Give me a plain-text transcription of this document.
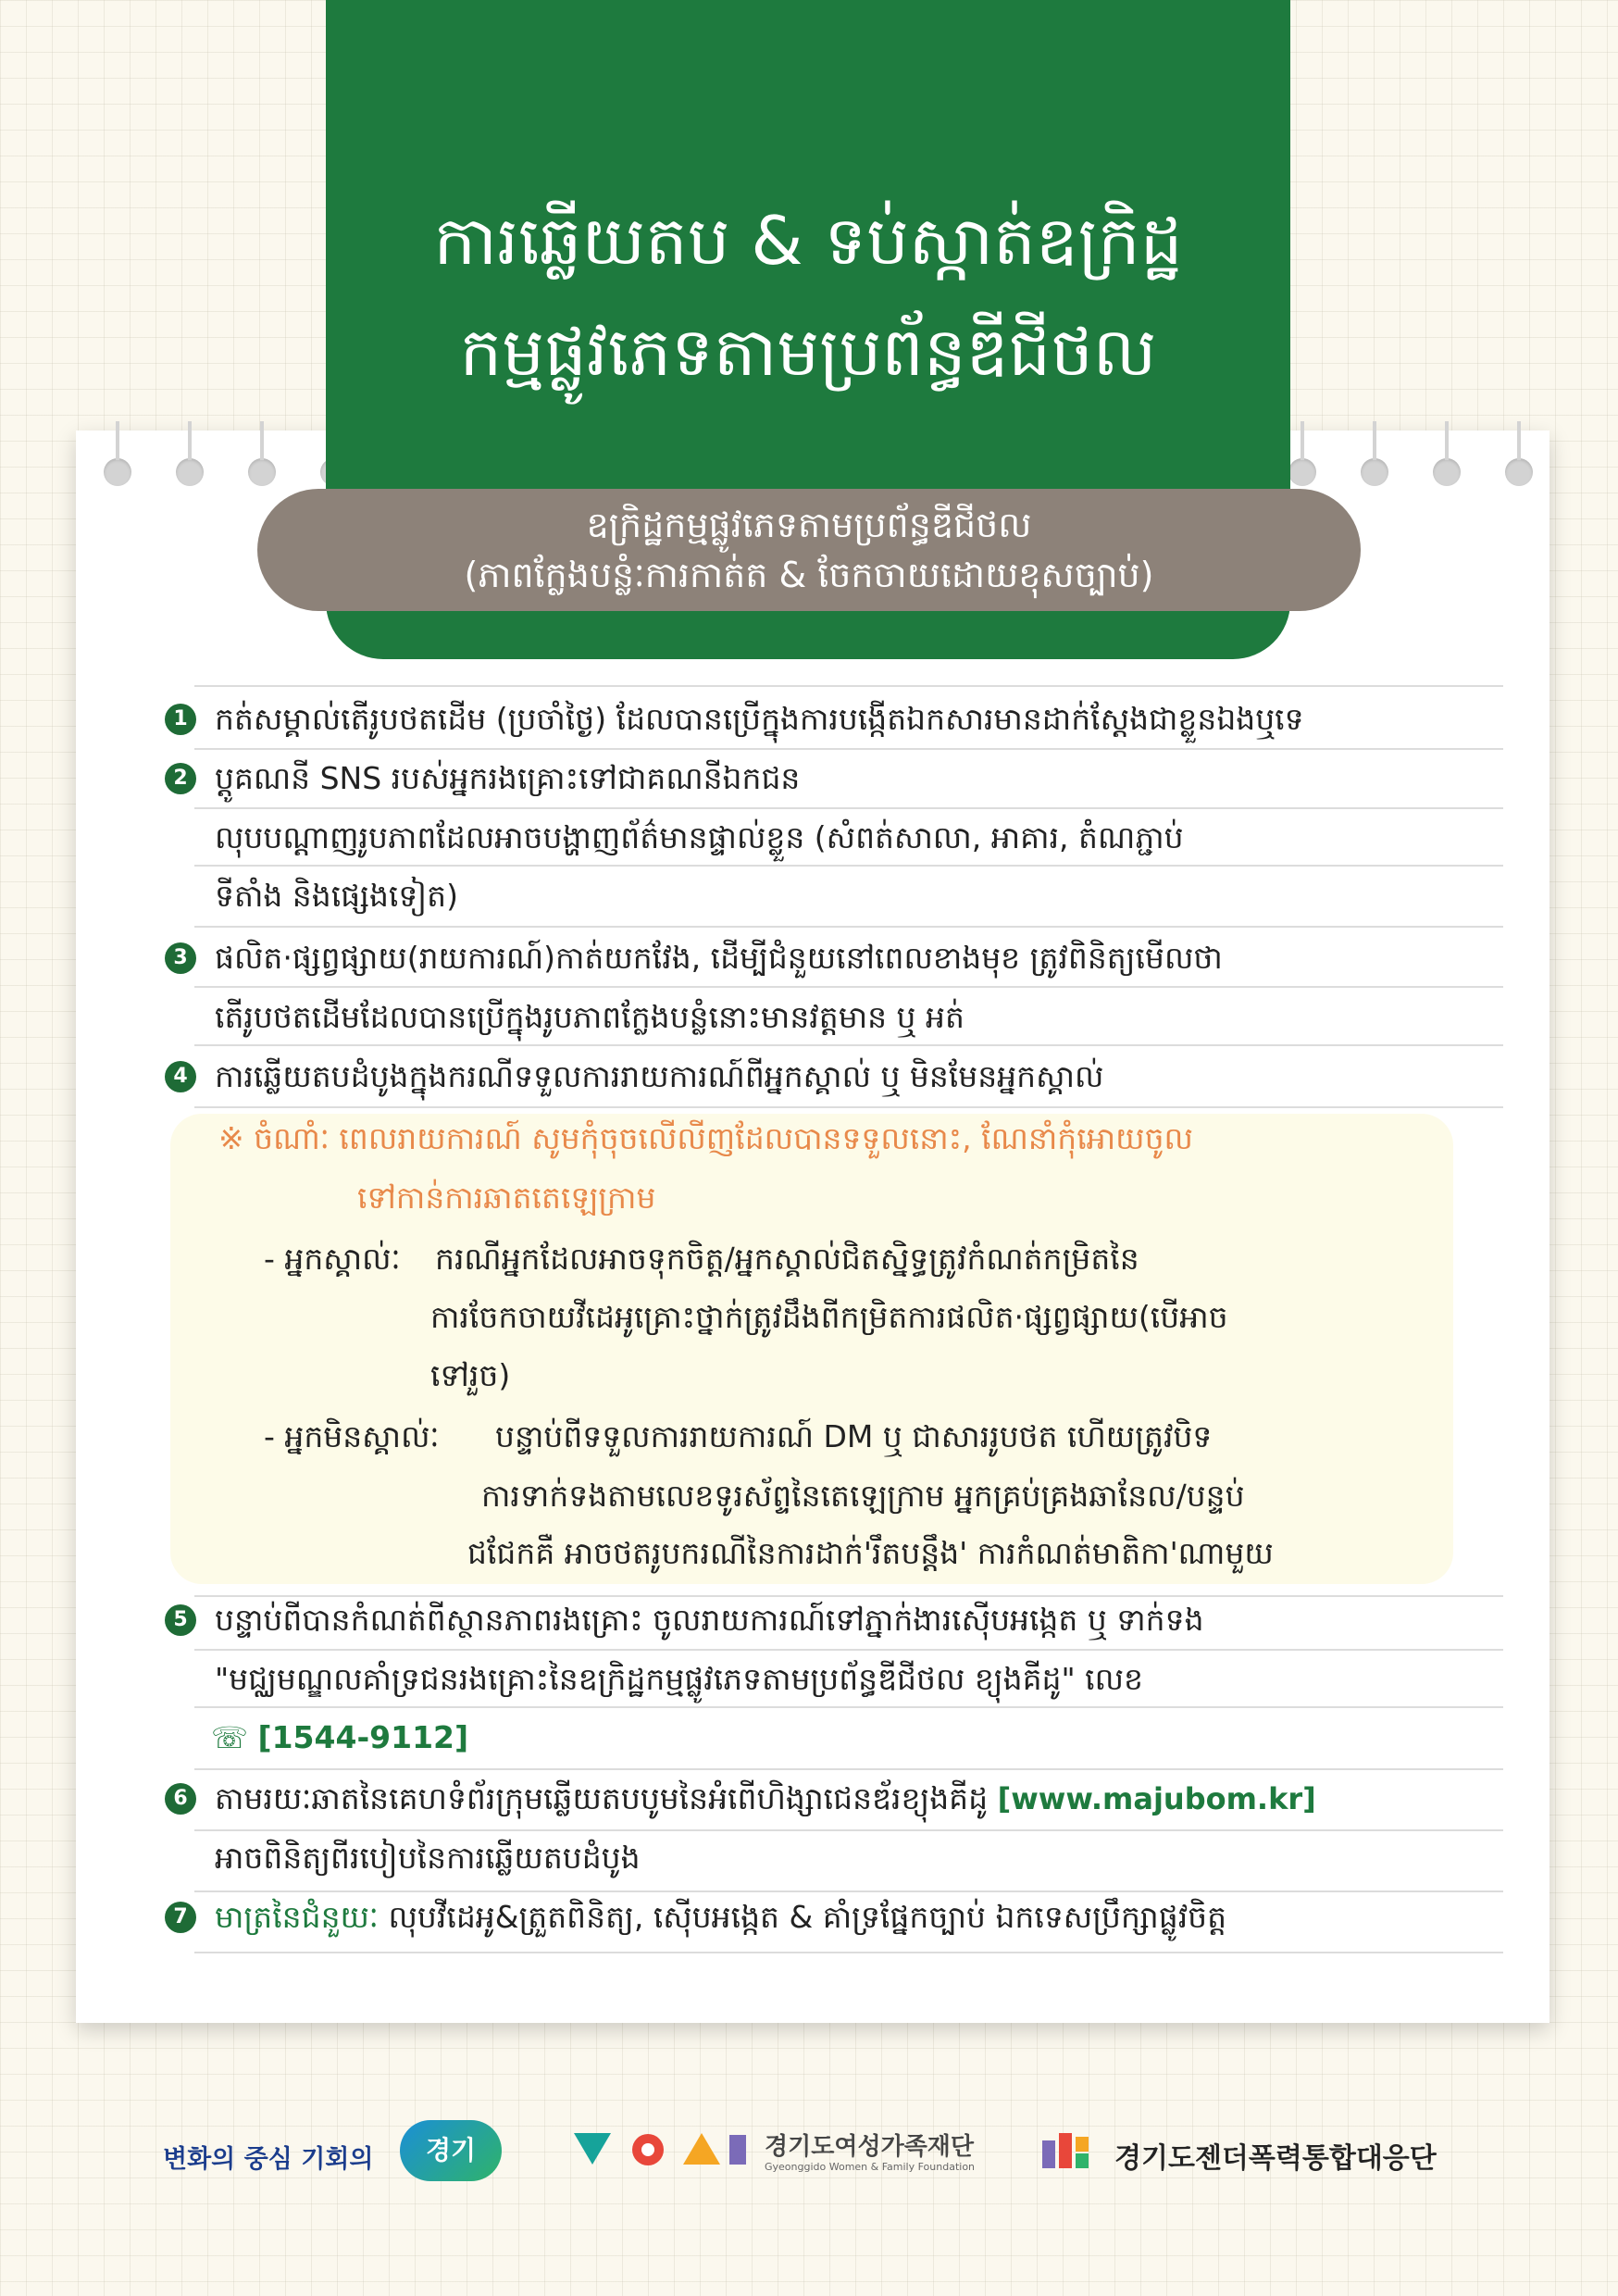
ការឆ្លើយតប & ទប់ស្កាត់ឧក្រិដ្ឋ
កម្មផ្លូវភេទតាមប្រព័ន្ធឌីជីថល
ឧក្រិដ្ឋកម្មផ្លូវភេទតាមប្រព័ន្ធឌីជីថល
(ភាពក្លែងបន្លំៈការកាត់ត & ចែកចាយដោយខុសច្បាប់)
1 កត់សម្គាល់តើរូបថតដើម (ប្រចាំថ្ងៃ) ដែលបានប្រើក្នុងការបង្កើតឯកសារមានដាក់ស្តែងជាខ្លួនឯងឬទេ
2 ប្តូគណនី SNS របស់អ្នករងគ្រោះទៅជាគណនីឯកជន
លុបបណ្តាញរូបភាពដែលអាចបង្ហាញព័ត៌មានផ្ទាល់ខ្លួន (សំពត់សាលា, អាគារ, តំណភ្ជាប់
ទីតាំង និងផ្សេងទៀត)
3 ផលិត·ផ្សព្វផ្សាយ(រាយការណ៍)កាត់យកវែង, ដើម្បីជំនួយនៅពេលខាងមុខ ត្រូវពិនិត្យមើលថា
តើរូបថតដើមដែលបានប្រើក្នុងរូបភាពក្លែងបន្លំនោះមានវត្តមាន ឬ អត់
4 ការឆ្លើយតបដំបូងក្នុងករណីទទួលការរាយការណ៍ពីអ្នកស្គាល់ ឬ មិនមែនអ្នកស្គាល់
※ ចំណាំៈ ពេលរាយការណ៍ សូមកុំចុចលើលីញដែលបានទទួលនោះ, ណែនាំកុំអោយចូល
ទៅកាន់ការឆាតតេឡេក្រាម
- អ្នកស្គាល់ៈ ករណីអ្នកដែលអាចទុកចិត្ត/អ្នកស្គាល់ជិតស្និទ្ធត្រូវកំណត់កម្រិតនៃ
ការចែកចាយវីដេអូគ្រោះថ្នាក់ត្រូវដឹងពីកម្រិតការផលិត·ផ្សព្វផ្សាយ(បើអាច
ទៅរួច)
- អ្នកមិនស្គាល់ៈ បន្ទាប់ពីទទួលការរាយការណ៍ DM ឬ ជាសាររូបថត ហើយត្រូវបិទ
ការទាក់ទងតាមលេខទូរស័ព្ទនៃតេឡេក្រាម អ្នកគ្រប់គ្រងឆានែល/បន្ទប់
ជជែកគឺ អាចថតរូបករណីនៃការដាក់'រឹតបន្តឹង' ការកំណត់មាតិកា'ណាមួយ
5 បន្ទាប់ពីបានកំណត់ពីស្ថានភាពរងគ្រោះ ចូលរាយការណ៍ទៅភ្នាក់ងារស៊ើបអង្កេត ឬ ទាក់ទង
"មជ្ឈមណ្ឌលគាំទ្រជនរងគ្រោះនៃឧក្រិដ្ឋកម្មផ្លូវភេទតាមប្រព័ន្ធឌីជីថល ខ្យុងគីដូ" លេខ
☏ [1544-9112]
6 តាមរយៈឆាតនៃគេហទំព័រក្រុមឆ្លើយតបបូមនៃអំពើហិង្សាជេនឌ័រខ្យុងគីដូ [www.majubom.kr]
អាចពិនិត្យពីរបៀបនៃការឆ្លើយតបដំបូង
7 មាត្រនៃជំនួយៈ លុបវីដេអូ&ត្រួតពិនិត្យ, ស៊ើបអង្កេត & គាំទ្រផ្នែកច្បាប់ ឯកទេសប្រឹក្សាផ្លូវចិត្ត
변화의 중심 기회의	경기	경기도여성가족재단
Gyeonggido Women & Family Foundation	경기도젠더폭력통합대응단
